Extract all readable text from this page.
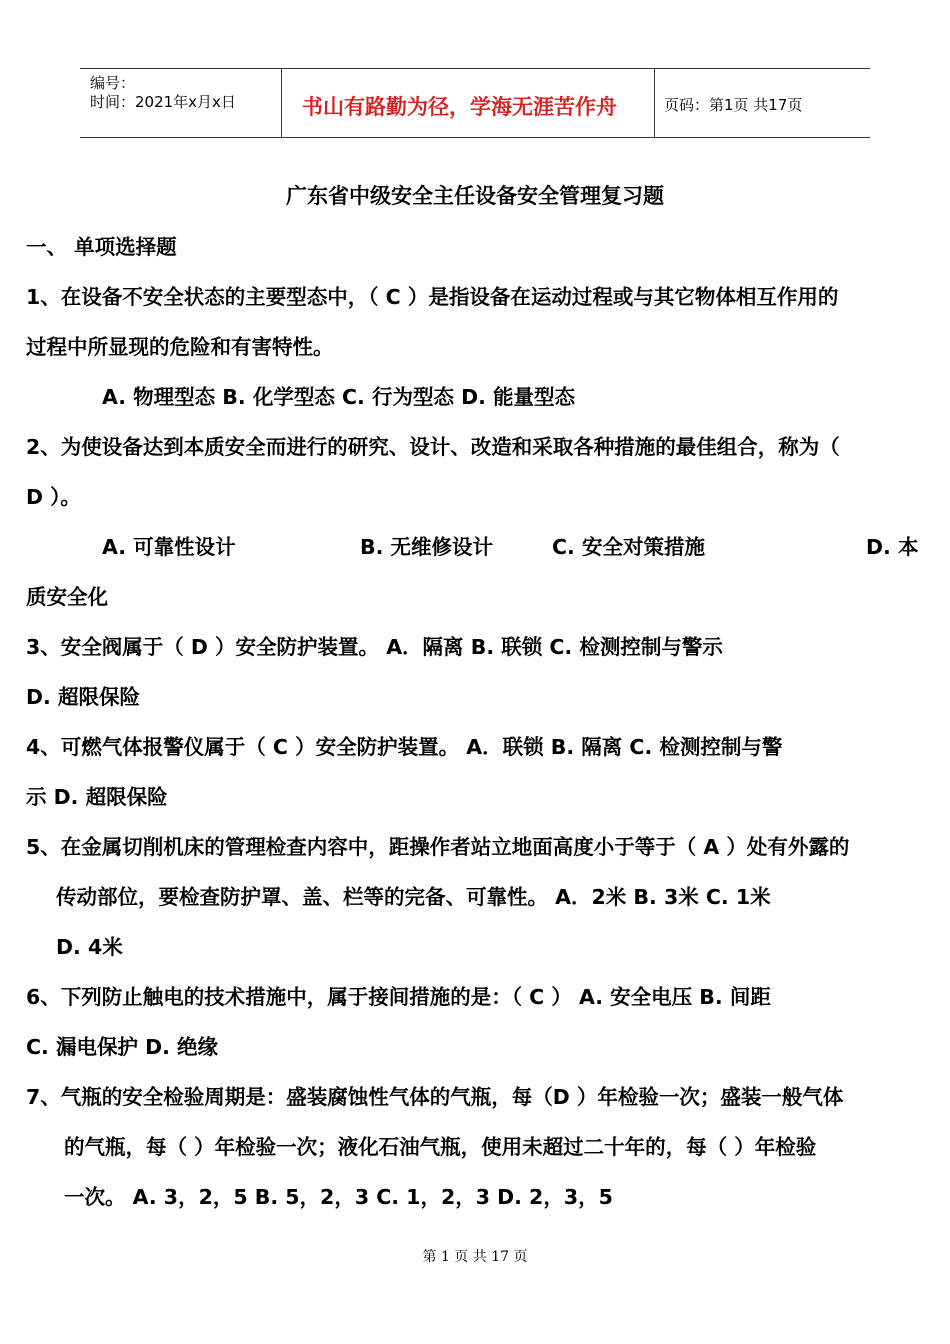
编号：
时间：2021年x月x日	书山有路勤为径，学海无涯苦作舟	页码：第1页 共17页
广东省中级安全主任设备安全管理复习题
一、 单项选择题
1、在设备不安全状态的主要型态中，（ C ）是指设备在运动过程或与其它物体相互作用的
过程中所显现的危险和有害特性。
A. 物理型态 B. 化学型态 C. 行为型态 D. 能量型态
2、为使设备达到本质安全而进行的研究、设计、改造和采取各种措施的最佳组合，称为（
D ）。
A. 可靠性设计	B. 无维修设计	C. 安全对策措施	D. 本
质安全化
3、安全阀属于（ D ）安全防护装置。 A．隔离 B. 联锁 C. 检测控制与警示
D. 超限保险
4、可燃气体报警仪属于（ C ）安全防护装置。 A．联锁 B. 隔离 C. 检测控制与警
示 D. 超限保险
5、在金属切削机床的管理检查内容中，距操作者站立地面高度小于等于（ A ）处有外露的
传动部位，要检查防护罩、盖、栏等的完备、可靠性。 A．2米 B. 3米 C. 1米
D. 4米
6、下列防止触电的技术措施中，属于接间措施的是：（ C ） A. 安全电压 B. 间距
C. 漏电保护 D. 绝缘
7、气瓶的安全检验周期是：盛装腐蚀性气体的气瓶，每（D ）年检验一次；盛装一般气体
的气瓶，每（ ）年检验一次；液化石油气瓶，使用未超过二十年的，每（ ）年检验
一次。 A. 3，2，5 B. 5，2，3 C. 1，2，3 D. 2，3，5
第 1 页 共 17 页
